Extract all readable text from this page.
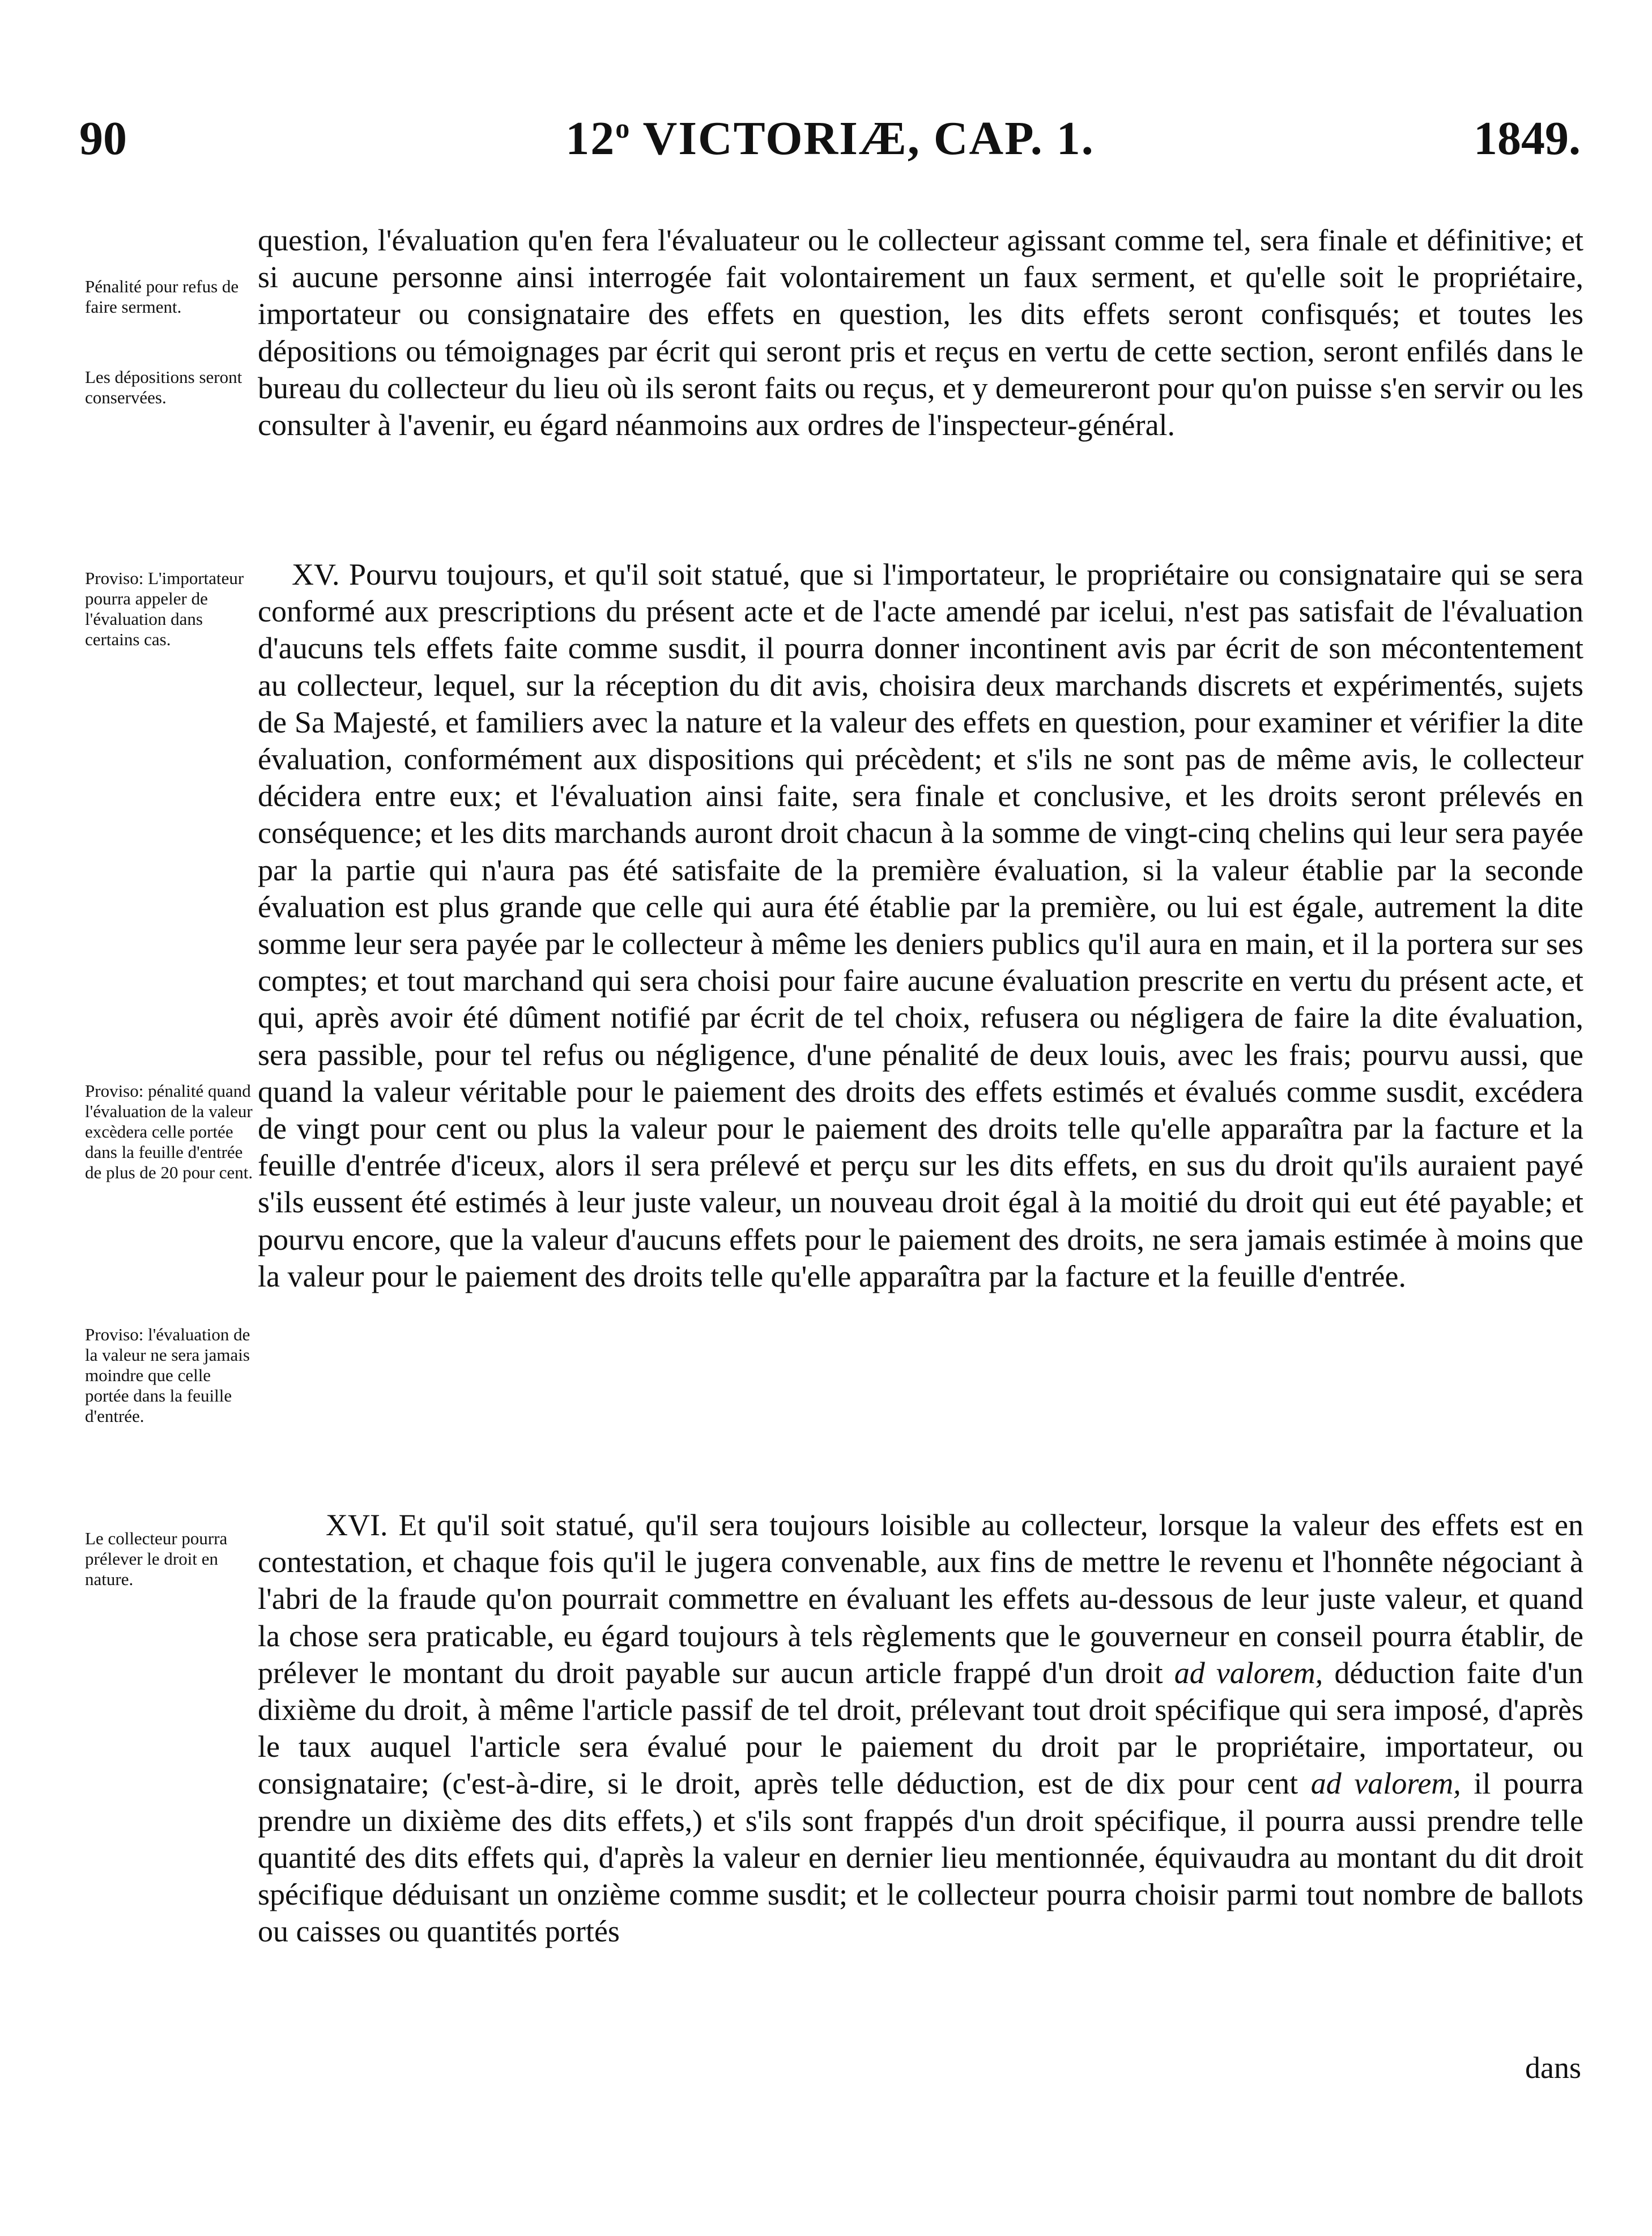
90	12$^o$ VICTORIÆ, CAP. 1.	1849.
Pénalité pour refus de faire serment.
Les dépositions seront conservées.
Proviso: L'importateur pourra appeler de l'évaluation dans certains cas.
Proviso: pénalité quand l'évaluation de la valeur excèdera celle portée dans la feuille d'entrée de plus de 20 pour cent.
Proviso: l'évaluation de la valeur ne sera jamais moindre que celle portée dans la feuille d'entrée.
Le collecteur pourra prélever le droit en nature.

question, l'évaluation qu'en fera l'évaluateur ou le collecteur agissant comme tel, sera finale et définitive; et si aucune personne ainsi interrogée fait volontairement un faux serment, et qu'elle soit le propriétaire, importateur ou consignataire des effets en question, les dits effets seront confisqués; et toutes les dépositions ou témoignages par écrit qui seront pris et reçus en vertu de cette section, seront enfilés dans le bureau du collecteur du lieu où ils seront faits ou reçus, et y demeureront pour qu'on puisse s'en servir ou les consulter à l'avenir, eu égard néanmoins aux ordres de l'inspecteur-général.

XV. Pourvu toujours, et qu'il soit statué, que si l'importateur, le propriétaire ou consignataire qui se sera conformé aux prescriptions du présent acte et de l'acte amendé par icelui, n'est pas satisfait de l'évaluation d'aucuns tels effets faite comme susdit, il pourra donner incontinent avis par écrit de son mécontentement au collecteur, lequel, sur la réception du dit avis, choisira deux marchands discrets et expérimentés, sujets de Sa Majesté, et familiers avec la nature et la valeur des effets en question, pour examiner et vérifier la dite évaluation, conformément aux dispositions qui précèdent; et s'ils ne sont pas de même avis, le collecteur décidera entre eux; et l'évaluation ainsi faite, sera finale et conclusive, et les droits seront prélevés en conséquence; et les dits marchands auront droit chacun à la somme de vingt-cinq chelins qui leur sera payée par la partie qui n'aura pas été satisfaite de la première évaluation, si la valeur établie par la seconde évaluation est plus grande que celle qui aura été établie par la première, ou lui est égale, autrement la dite somme leur sera payée par le collecteur à même les deniers publics qu'il aura en main, et il la portera sur ses comptes; et tout marchand qui sera choisi pour faire aucune évaluation prescrite en vertu du présent acte, et qui, après avoir été dûment notifié par écrit de tel choix, refusera ou négligera de faire la dite évaluation, sera passible, pour tel refus ou négligence, d'une pénalité de deux louis, avec les frais; pourvu aussi, que quand la valeur véritable pour le paiement des droits des effets estimés et évalués comme susdit, excédera de vingt pour cent ou plus la valeur pour le paiement des droits telle qu'elle apparaîtra par la facture et la feuille d'entrée d'iceux, alors il sera prélevé et perçu sur les dits effets, en sus du droit qu'ils auraient payé s'ils eussent été estimés à leur juste valeur, un nouveau droit égal à la moitié du droit qui eut été payable; et pourvu encore, que la valeur d'aucuns effets pour le paiement des droits, ne sera jamais estimée à moins que la valeur pour le paiement des droits telle qu'elle apparaîtra par la facture et la feuille d'entrée.

XVI. Et qu'il soit statué, qu'il sera toujours loisible au collecteur, lorsque la valeur des effets est en contestation, et chaque fois qu'il le jugera convenable, aux fins de mettre le revenu et l'honnête négociant à l'abri de la fraude qu'on pourrait commettre en évaluant les effets au-dessous de leur juste valeur, et quand la chose sera praticable, eu égard toujours à tels règlements que le gouverneur en conseil pourra établir, de prélever le montant du droit payable sur aucun article frappé d'un droit ad valorem, déduction faite d'un dixième du droit, à même l'article passif de tel droit, prélevant tout droit spécifique qui sera imposé, d'après le taux auquel l'article sera évalué pour le paiement du droit par le propriétaire, importateur, ou consignataire; (c'est-à-dire, si le droit, après telle déduction, est de dix pour cent ad valorem, il pourra prendre un dixième des dits effets,) et s'ils sont frappés d'un droit spécifique, il pourra aussi prendre telle quantité des dits effets qui, d'après la valeur en dernier lieu mentionnée, équivaudra au montant du dit droit spécifique déduisant un onzième comme susdit; et le collecteur pourra choisir parmi tout nombre de ballots ou caisses ou quantités portés

dans
